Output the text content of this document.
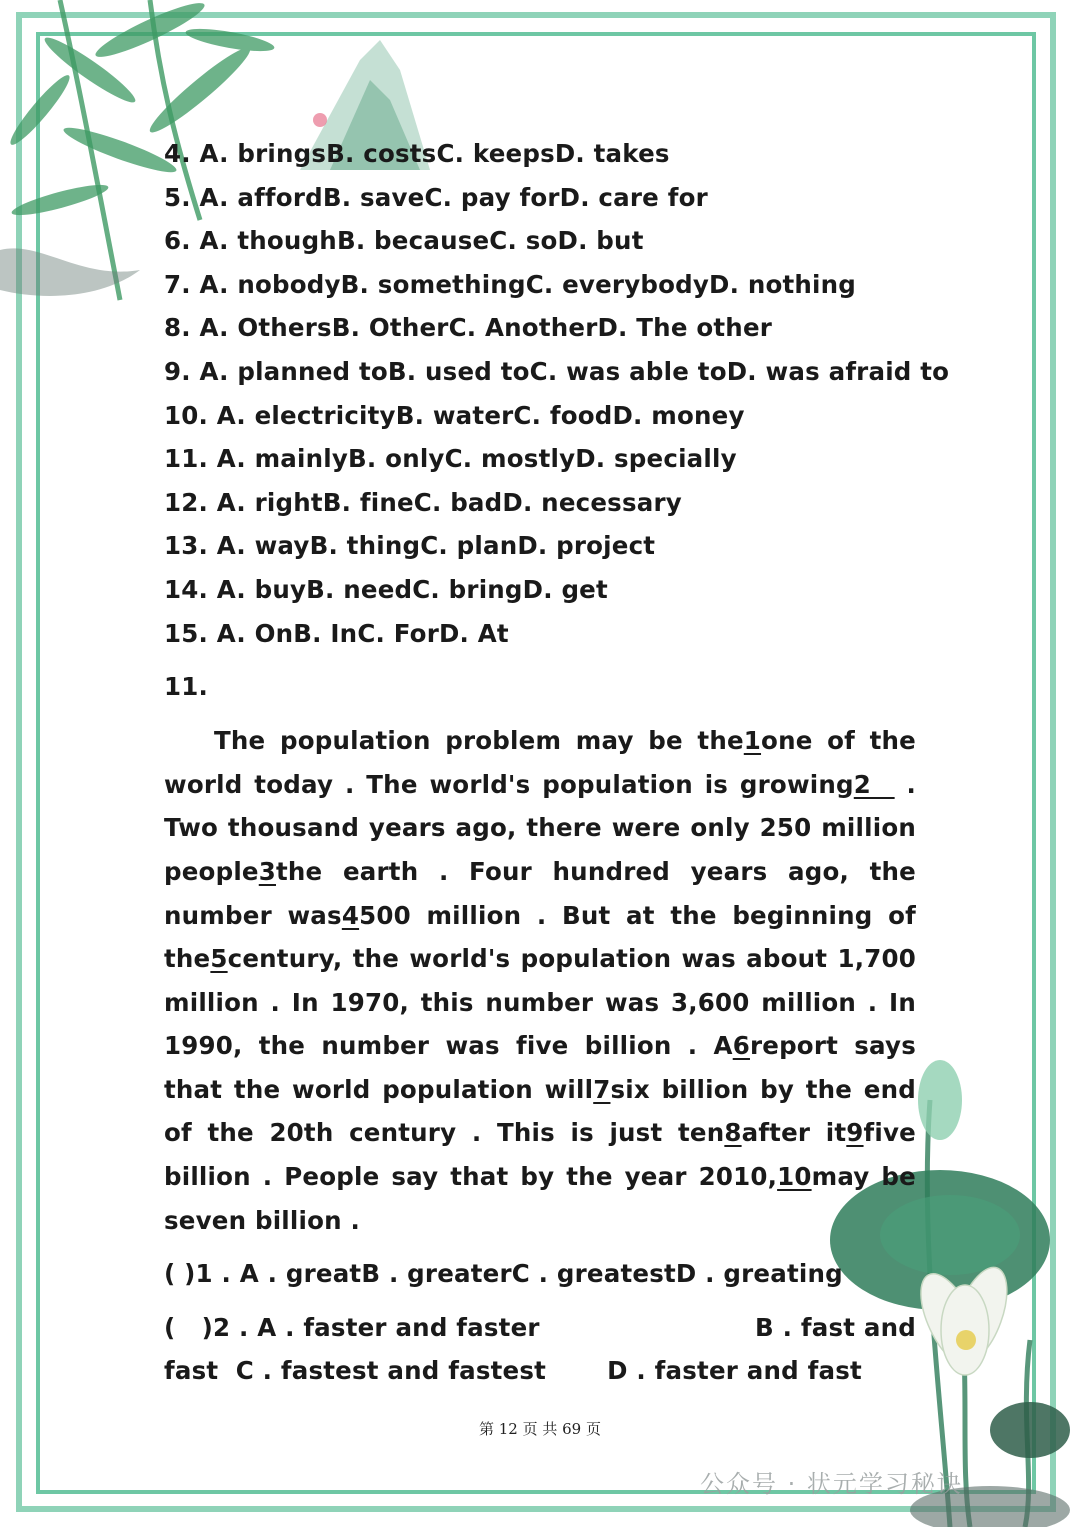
4. A. bringsB. costsC. keepsD. takes
5. A. affordB. saveC. pay forD. care for
6. A. thoughB. becauseC. soD. but
7. A. nobodyB. somethingC. everybodyD. nothing
8. A. OthersB. OtherC. AnotherD. The other
9. A. planned toB. used toC. was able toD. was afraid to
10. A. electricityB. waterC. foodD. money
11. A. mainlyB. onlyC. mostlyD. specially
12. A. rightB. fineC. badD. necessary
13. A. wayB. thingC. planD. project
14. A. buyB. needC. bringD. get
15. A. OnB. InC. ForD. At
11.
The population problem may be the1one of the world today . The world's population is growing2   . Two thousand years ago, there were only 250 million people3the earth . Four hundred years ago, the number was4500 million . But at the beginning of the5century, the world's population was about 1,700 million . In 1970, this number was 3,600 million . In 1990, the number was five billion . A6report says that the world population will7six billion by the end of the 20th century . This is just ten8after it9five billion . People say that by the year 2010,10may be seven billion .
( )1 . A . greatB . greaterC . greatestD . greating
(   )2 . A . faster and faster	B . fast and
fast  C . fastest and fastest       D . faster and fast
第 12 页 共 69 页
公众号 · 状元学习秘诀
